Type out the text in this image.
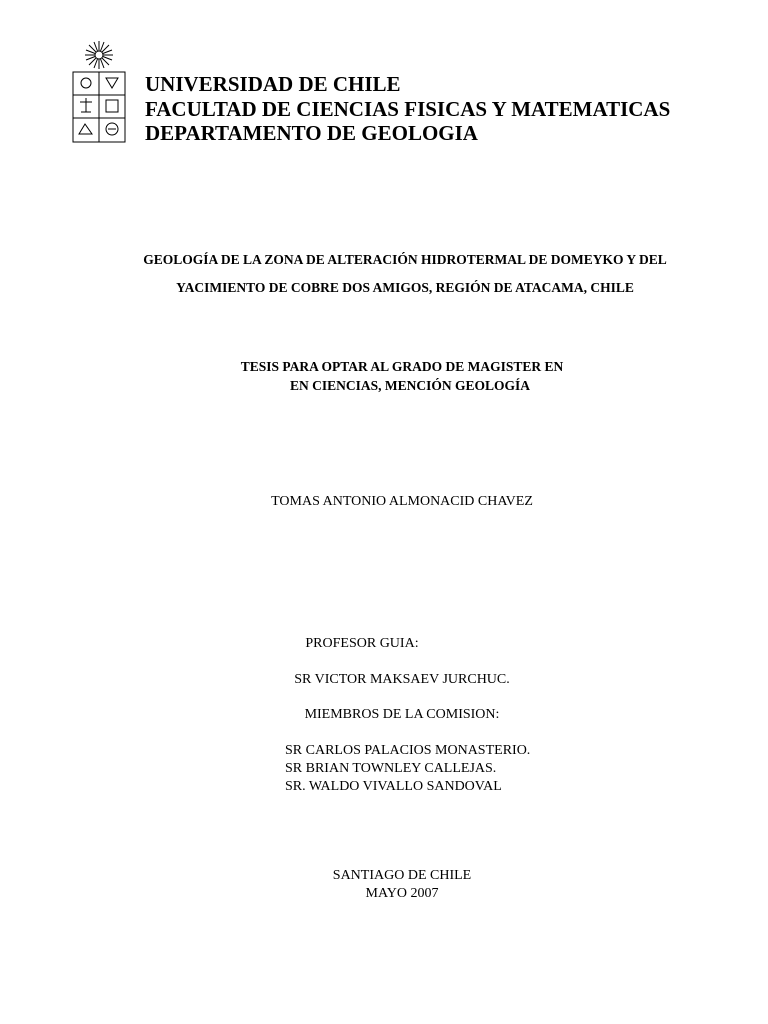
UNIVERSIDAD DE CHILE
FACULTAD DE CIENCIAS FISICAS Y MATEMATICAS
DEPARTAMENTO DE GEOLOGIA
GEOLOGÍA DE LA ZONA DE ALTERACIÓN HIDROTERMAL DE DOMEYKO Y DEL
YACIMIENTO DE COBRE DOS AMIGOS, REGIÓN DE ATACAMA, CHILE
TESIS PARA OPTAR AL GRADO DE MAGISTER EN
EN CIENCIAS, MENCIÓN GEOLOGÍA
TOMAS ANTONIO ALMONACID CHAVEZ
PROFESOR GUIA:
SR VICTOR MAKSAEV JURCHUC.
MIEMBROS DE LA COMISION:
SR CARLOS PALACIOS MONASTERIO.
SR BRIAN TOWNLEY CALLEJAS.
SR. WALDO VIVALLO SANDOVAL
SANTIAGO DE CHILE
MAYO 2007
